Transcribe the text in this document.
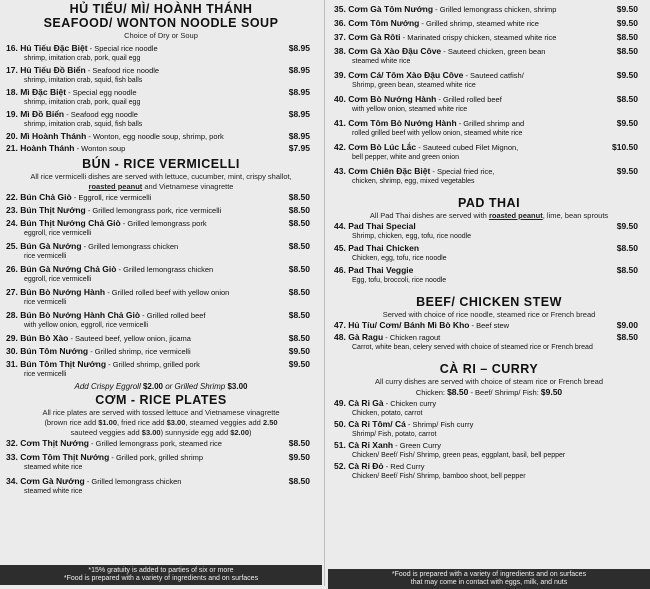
HỦ TIẾU/ MÌ/ HOÀNH THÁNH
SEAFOOD/ WONTON NOODLE SOUP
Choice of Dry or Soup
16. Hủ Tiếu Đặc Biệt - Special rice noodle	$8.95
shrimp, imitation crab, pork, quail egg
17. Hủ Tiếu Đồ Biển - Seafood rice noodle	$8.95
shrimp, imitation crab, squid, fish balls
18. Mì Đặc Biệt - Special egg noodle	$8.95
shrimp, imitation crab, pork, quail egg
19. Mì Đồ Biển - Seafood egg noodle	$8.95
shrimp, imitation crab, squid, fish balls
20. Mì Hoành Thánh - Wonton, egg noodle soup, shrimp, pork	$8.95
21. Hoành Thánh - Wonton soup	$7.95
BÚN - RICE VERMICELLI
All rice vermicelli dishes are served with lettuce, cucumber, mint, crispy shallot,
roasted peanut and Vietnamese vinagrette
22. Bún Chả Giò - Eggroll, rice vermicelli	$8.50
23. Bún Thịt Nướng - Grilled lemongrass pork, rice vermicelli	$8.50
24. Bún Thịt Nướng Chả Giò - Grilled lemongrass pork	$8.50
eggroll, rice vermicelli
25. Bún Gà Nướng - Grilled lemongrass chicken	$8.50
rice vermicelli
26. Bún Gà Nướng Chả Giò - Grilled lemongrass chicken	$8.50
eggroll, rice vermicelli
27. Bún Bò Nướng Hành - Grilled rolled beef with yellow onion	$8.50
rice vermicelli
28. Bún Bò Nướng Hành Chả Giò - Grilled rolled beef	$8.50
with yellow onion, eggroll, rice vermicelli
29. Bún Bò Xào - Sauteed beef, yellow onion, jicama	$8.50
30. Bún Tôm Nướng - Grilled shrimp, rice vermicelli	$9.50
31. Bún Tôm Thịt Nướng - Grilled shrimp, grilled pork	$9.50
rice vermicelli
Add Crispy Eggroll $2.00 or Grilled Shrimp $3.00
CƠM - RICE PLATES
All rice plates are served with tossed lettuce and Vietnamese vinagrette
(brown rice add $1.00, fried rice add $3.00, steamed veggies add 2.50
sauteed veggies add $3.00) sunnyside egg add $2.00)
32. Cơm Thịt Nướng - Grilled lemongrass pork, steamed rice	$8.50
33. Cơm Tôm Thịt Nướng - Grilled pork, grilled shrimp	$9.50
steamed white rice
34. Cơm Gà Nướng - Grilled lemongrass chicken	$8.50
steamed white rice
*15% gratuity is added to parties of six or more
*Food is prepared with a variety of ingredients and on surfaces
35. Cơm Gà Tôm Nướng - Grilled lemongrass chicken, shrimp	$9.50
36. Cơm Tôm Nướng - Grilled shrimp, steamed white rice	$9.50
37. Cơm Gà Rôti - Marinated crispy chicken, steamed white rice	$8.50
38. Cơm Gà Xào Đậu Côve - Sauteed chicken, green bean	$8.50
steamed white rice
39. Cơm Cá/ Tôm Xào Đậu Côve - Sauteed catfish/	$9.50
Shrimp, green bean, steamed white rice
40. Cơm Bò Nướng Hành - Grilled rolled beef	$8.50
with yellow onion, steamed white rice
41. Cơm Tôm Bò Nướng Hành - Grilled shrimp and	$9.50
rolled grilled beef with yellow onion, steamed white rice
42. Cơm Bò Lúc Lắc - Sauteed cubed Filet Mignon,	$10.50
bell pepper, white and green onion
43. Cơm Chiên Đặc Biệt - Special fried rice,	$9.50
chicken, shrimp, egg, mixed vegetables
PAD THAI
All Pad Thai dishes are served with roasted peanut, lime, bean sprouts
44. Pad Thai Special	$9.50
Shrimp, chicken, egg, tofu, rice noodle
45. Pad Thai Chicken	$8.50
Chicken, egg, tofu, rice noodle
46. Pad Thai Veggie	$8.50
Egg, tofu, broccoli, rice noodle
BEEF/ CHICKEN STEW
Served with choice of rice noodle, steamed rice or French bread
47. Hủ Tíu/ Cơm/ Bánh Mì Bò Kho - Beef stew	$9.00
48. Gà Ragu - Chicken ragout	$8.50
Carrot, white bean, celery served with choice of steamed rice or French bread
CÀ RI – CURRY
All curry dishes are served with choice of steam rice or French bread
Chicken: $8.50 - Beef/ Shrimp/ Fish: $9.50
49. Cà Ri Gà - Chicken curry
Chicken, potato, carrot
50. Cà Ri Tôm/ Cá - Shrimp/ Fish curry
Shrimp/ Fish, potato, carrot
51. Cà Ri Xanh - Green Curry
Chicken/ Beef/ Fish/ Shrimp, green peas, eggplant, basil, bell pepper
52. Cà Ri Đỏ - Red Curry
Chicken/ Beef/ Fish/ Shrimp, bamboo shoot, bell pepper
*Food is prepared with a variety of ingredients and on surfaces
that may come in contact with eggs, milk, and nuts
